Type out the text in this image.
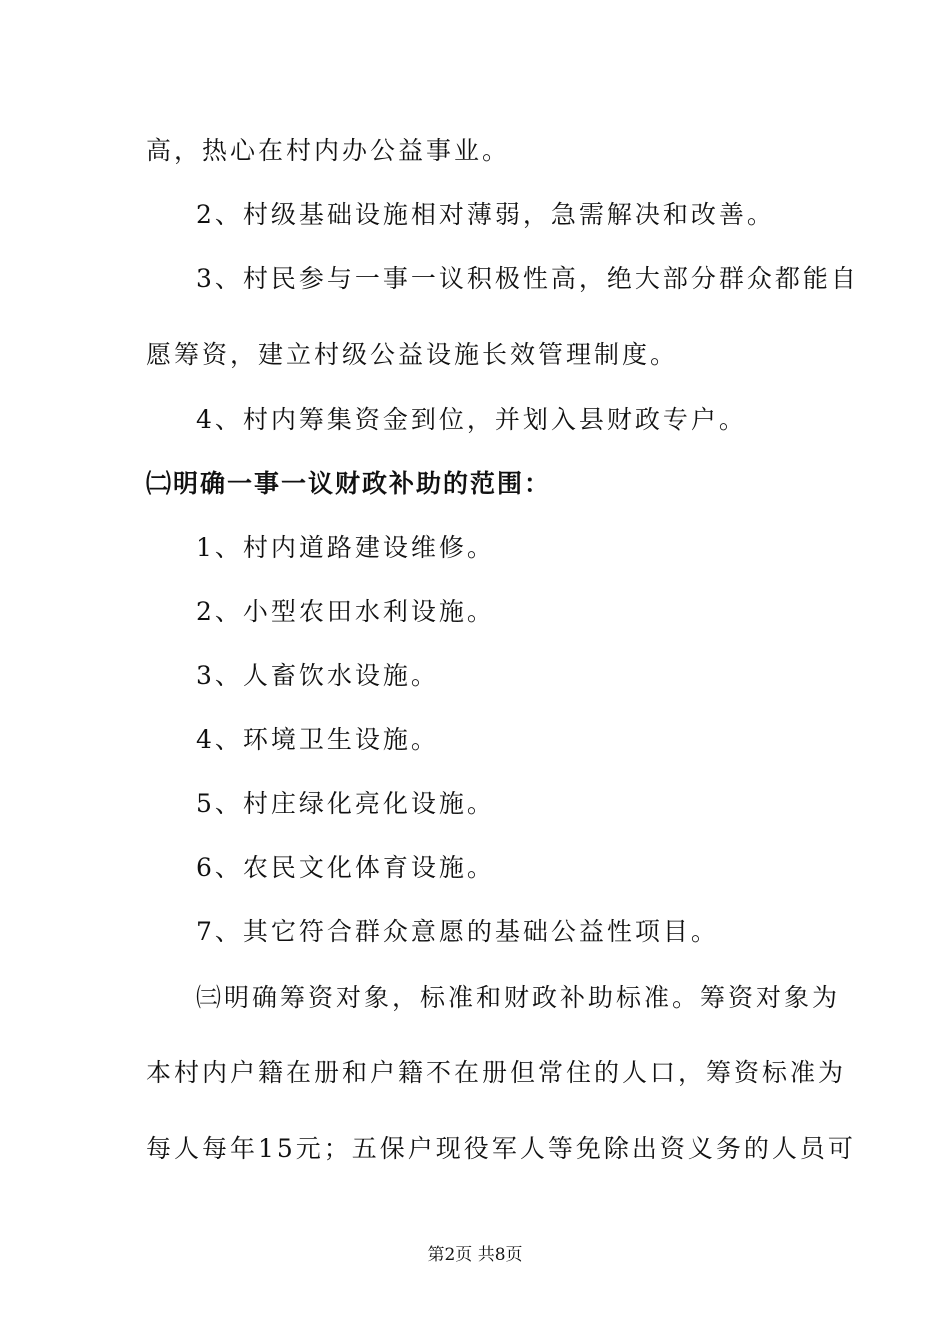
高，热心在村内办公益事业。
2、村级基础设施相对薄弱，急需解决和改善。
3、村民参与一事一议积极性高，绝大部分群众都能自
愿筹资，建立村级公益设施长效管理制度。
4、村内筹集资金到位，并划入县财政专户。
㈡明确一事一议财政补助的范围：
1、村内道路建设维修。
2、小型农田水利设施。
3、人畜饮水设施。
4、环境卫生设施。
5、村庄绿化亮化设施。
6、农民文化体育设施。
7、其它符合群众意愿的基础公益性项目。
㈢明确筹资对象，标准和财政补助标准。筹资对象为
本村内户籍在册和户籍不在册但常住的人口，筹资标准为
每人每年15元；五保户现役军人等免除出资义务的人员可
第2页 共8页
